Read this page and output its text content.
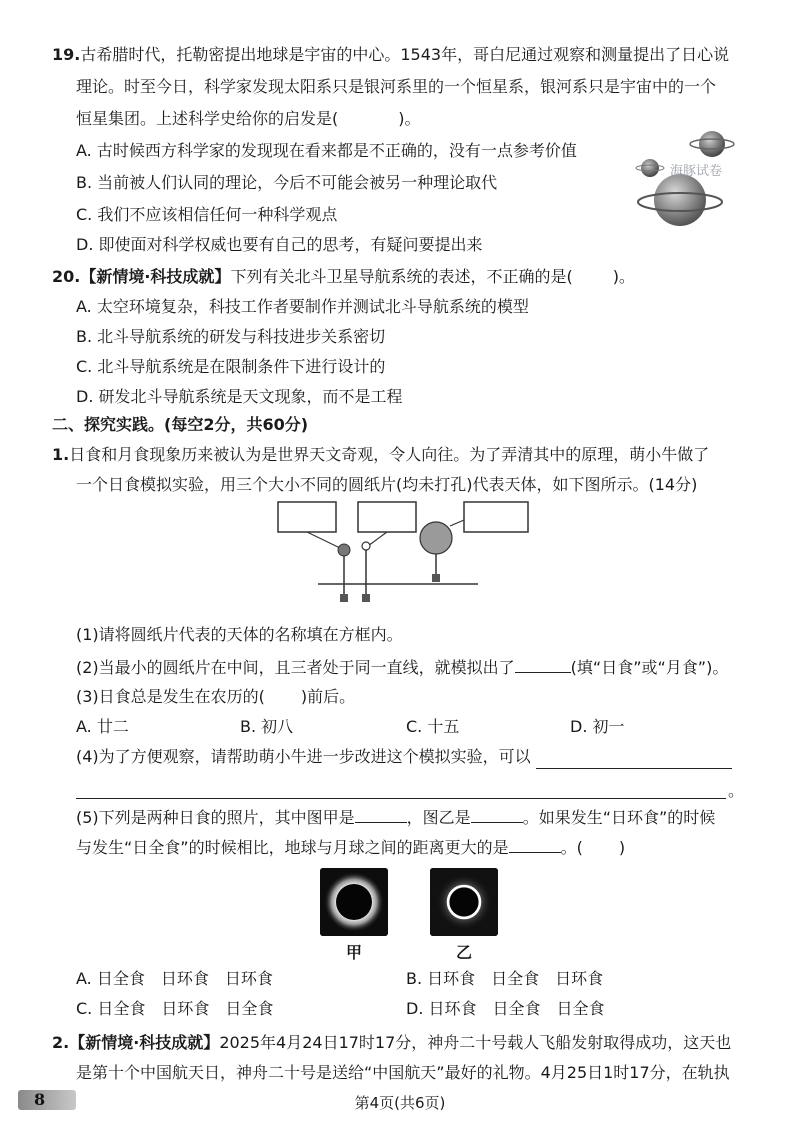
19.古希腊时代，托勒密提出地球是宇宙的中心。1543年，哥白尼通过观察和测量提出了日心说
理论。时至今日，科学家发现太阳系只是银河系里的一个恒星系，银河系只是宇宙中的一个
恒星集团。上述科学史给你的启发是(	)。
A. 古时候西方科学家的发现现在看来都是不正确的，没有一点参考价值
B. 当前被人们认同的理论，今后不可能会被另一种理论取代
C. 我们不应该相信任何一种科学观点
D. 即使面对科学权威也要有自己的思考，有疑问要提出来
海豚试卷
20.【新情境·科技成就】下列有关北斗卫星导航系统的表述，不正确的是(	)。
A. 太空环境复杂，科技工作者要制作并测试北斗导航系统的模型
B. 北斗导航系统的研发与科技进步关系密切
C. 北斗导航系统是在限制条件下进行设计的
D. 研发北斗导航系统是天文现象，而不是工程
二、探究实践。(每空2分，共60分)
1.日食和月食现象历来被认为是世界天文奇观，令人向往。为了弄清其中的原理，萌小牛做了
一个日食模拟实验，用三个大小不同的圆纸片(均未打孔)代表天体，如下图所示。(14分)
(1)请将圆纸片代表的天体的名称填在方框内。
(2)当最小的圆纸片在中间，且三者处于同一直线，就模拟出了	(填“日食”或“月食”)。
(3)日食总是发生在农历的( )前后。
A. 廿二	B. 初八	C. 十五	D. 初一
(4)为了方便观察，请帮助萌小牛进一步改进这个模拟实验，可以
。
(5)下列是两种日食的照片，其中图甲是	，图乙是	。如果发生“日环食”的时候
与发生“日全食”的时候相比，地球与月球之间的距离更大的是	。( )
甲	乙
A. 日全食　日环食　日环食	B. 日环食　日全食　日环食
C. 日全食　日环食　日全食	D. 日环食　日全食　日全食
2.【新情境·科技成就】2025年4月24日17时17分，神舟二十号载人飞船发射取得成功，这天也
是第十个中国航天日，神舟二十号是送给“中国航天”最好的礼物。4月25日1时17分，在轨执
8	第4页(共6页)
